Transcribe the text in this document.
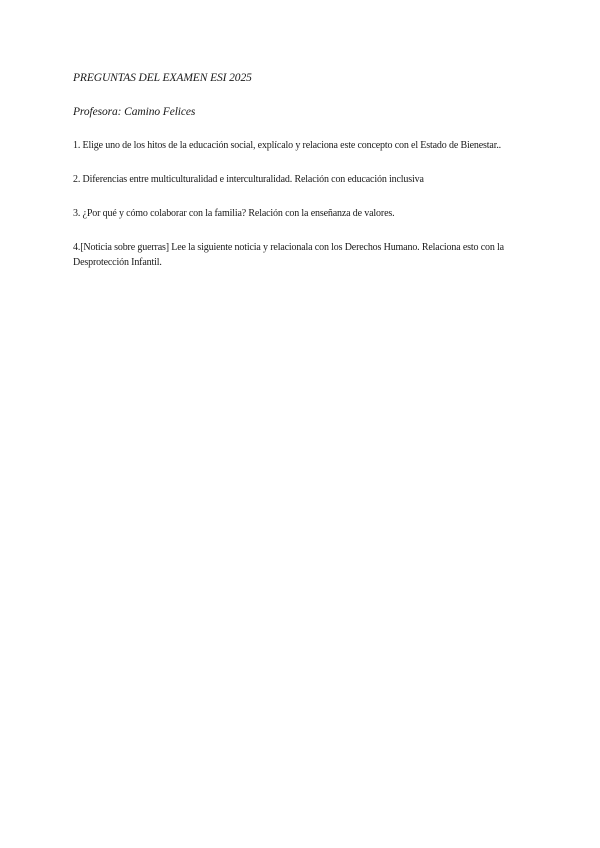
PREGUNTAS DEL EXAMEN ESI 2025

Profesora: Camino Felices

1. Elige uno de los hitos de la educación social, explícalo y relaciona este concepto con el Estado de Bienestar..
2. Diferencias entre multiculturalidad e interculturalidad. Relación con educación inclusiva
3. ¿Por qué y cómo colaborar con la familia? Relación con la enseñanza de valores.
4.[Noticia sobre guerras] Lee la siguiente noticia y relacionala con los Derechos Humano. Relaciona esto con la Desprotección Infantil.
